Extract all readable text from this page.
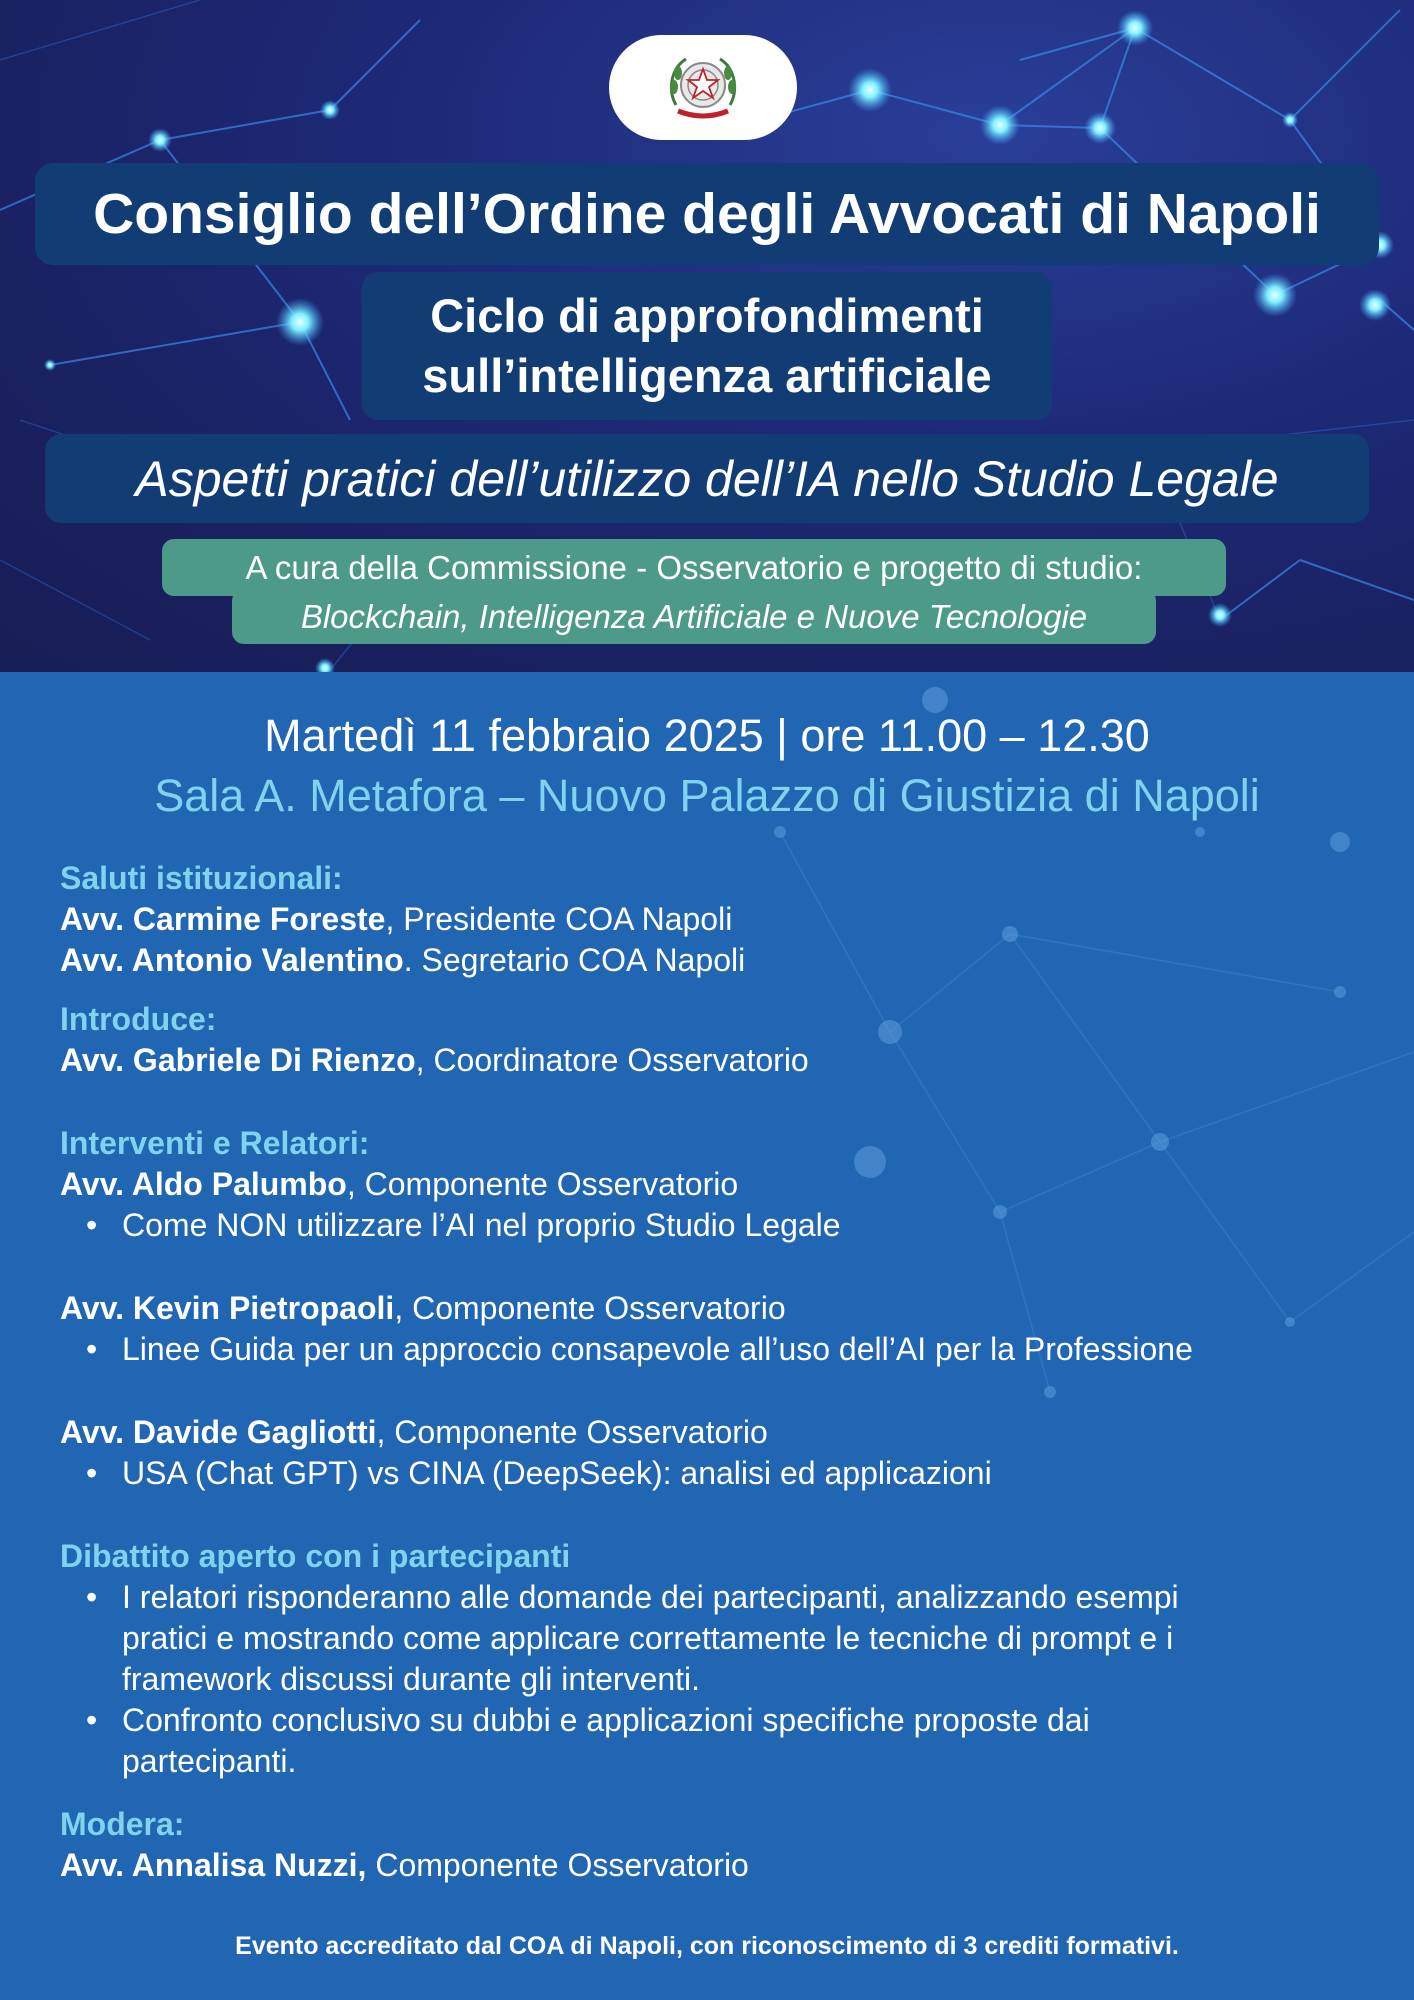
Consiglio dell’Ordine degli Avvocati di Napoli
Ciclo di approfondimenti
sull’intelligenza artificiale
Aspetti pratici dell’utilizzo dell’IA nello Studio Legale
A cura della Commissione - Osservatorio e progetto di studio:
Blockchain, Intelligenza Artificiale e Nuove Tecnologie
Martedì 11 febbraio 2025 | ore 11.00 – 12.30
Sala A. Metafora – Nuovo Palazzo di Giustizia di Napoli

Saluti istituzionali:

Avv. Carmine Foreste, Presidente COA Napoli

Avv. Antonio Valentino. Segretario COA Napoli

Introduce:

Avv. Gabriele Di Rienzo, Coordinatore Osservatorio

Interventi e Relatori:

Avv. Aldo Palumbo, Componente Osservatorio

• Come NON utilizzare l’AI nel proprio Studio Legale

Avv. Kevin Pietropaoli, Componente Osservatorio

• Linee Guida per un approccio consapevole all’uso dell’AI per la Professione

Avv. Davide Gagliotti, Componente Osservatorio

• USA (Chat GPT) vs CINA (DeepSeek): analisi ed applicazioni

Dibattito aperto con i partecipanti

• I relatori risponderanno alle domande dei partecipanti, analizzando esempi
pratici e mostrando come applicare correttamente le tecniche di prompt e i
framework discussi durante gli interventi.
• Confronto conclusivo su dubbi e applicazioni specifiche proposte dai
partecipanti.

Modera:

Avv. Annalisa Nuzzi, Componente Osservatorio

Evento accreditato dal COA di Napoli, con riconoscimento di 3 crediti formativi.
